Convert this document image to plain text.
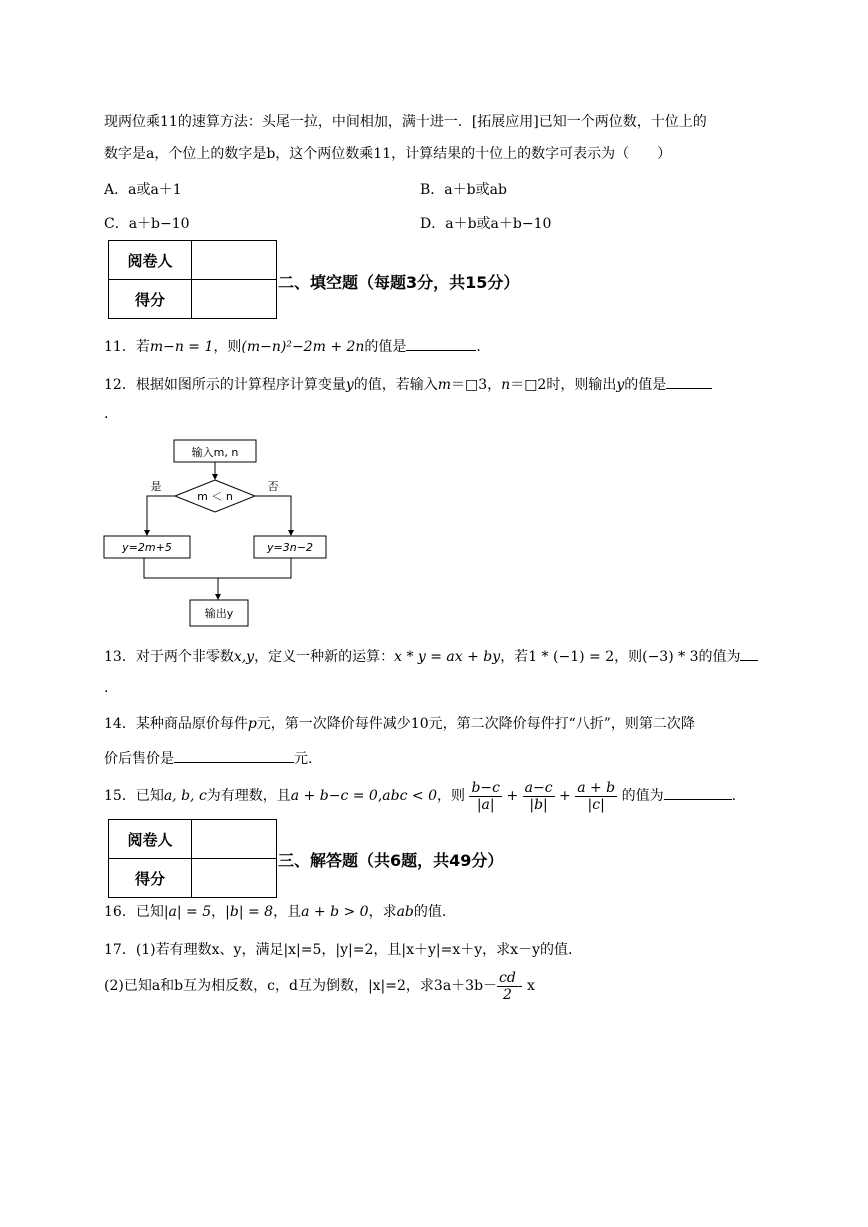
现两位乘11的速算方法：头尾一拉，中间相加，满十进一．[拓展应用]已知一个两位数，十位上的
数字是a，个位上的数字是b，这个两位数乘11，计算结果的十位上的数字可表示为（　　）
A．a或a＋1	B．a＋b或ab
C．a＋b−10	D．a＋b或a＋b−10
阅卷人	
得分	
二、填空题（每题3分，共15分）
11．若m−n = 1，则(m−n)²−2m + 2n的值是	.
12．根据如图所示的计算程序计算变量y的值，若输入m＝□3，n＝□2时，则输出y的值是
.
输入m, n
m ＜ n
是	否
y=2m+5	y=3n−2
输出y
13．对于两个非零数x,y，定义一种新的运算：x * y = ax + by，若1 * (−1) = 2，则(−3) * 3的值为
.
14．某种商品原价每件p元，第一次降价每件减少10元，第二次降价每件打“八折”，则第二次降
价后售价是	元.
15．已知a, b, c为有理数，且a + b−c = 0,abc < 0，则 $\frac{b-c}{|a|} + \frac{a-c}{|b|} + \frac{a + b}{|c|}$ 的值为	.
阅卷人	
得分	
三、解答题（共6题，共49分）
16．已知|a| = 5，|b| = 8，且a + b > 0，求ab的值.
17．(1)若有理数x、y，满足|x|=5，|y|=2，且|x＋y|=x＋y，求x－y的值.
(2)已知a和b互为相反数，c，d互为倒数，|x|=2，求$3a+3b- \frac{cd}{2} - x$
